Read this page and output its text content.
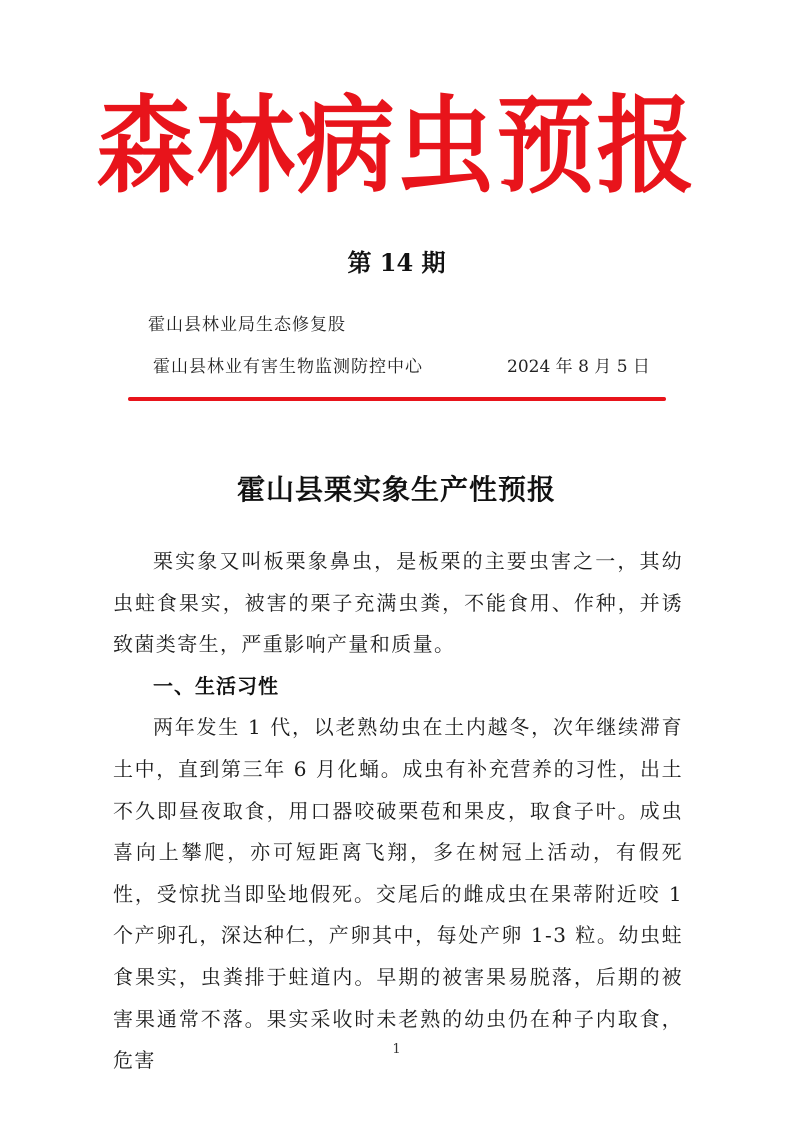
森林病虫预报
第 14 期
霍山县林业局生态修复股
霍山县林业有害生物监测防控中心	2024 年 8 月 5 日
霍山县栗实象生产性预报

栗实象又叫板栗象鼻虫，是板栗的主要虫害之一，其幼虫蛀食果实，被害的栗子充满虫粪，不能食用、作种，并诱致菌类寄生，严重影响产量和质量。

一、生活习性

两年发生 1 代，以老熟幼虫在土内越冬，次年继续滞育土中，直到第三年 6 月化蛹。成虫有补充营养的习性，出土不久即昼夜取食，用口器咬破栗苞和果皮，取食子叶。成虫喜向上攀爬，亦可短距离飞翔，多在树冠上活动，有假死性，受惊扰当即坠地假死。交尾后的雌成虫在果蒂附近咬 1 个产卵孔，深达种仁，产卵其中，每处产卵 1-3 粒。幼虫蛀食果实，虫粪排于蛀道内。早期的被害果易脱落，后期的被害果通常不落。果实采收时未老熟的幼虫仍在种子内取食，危害	1
